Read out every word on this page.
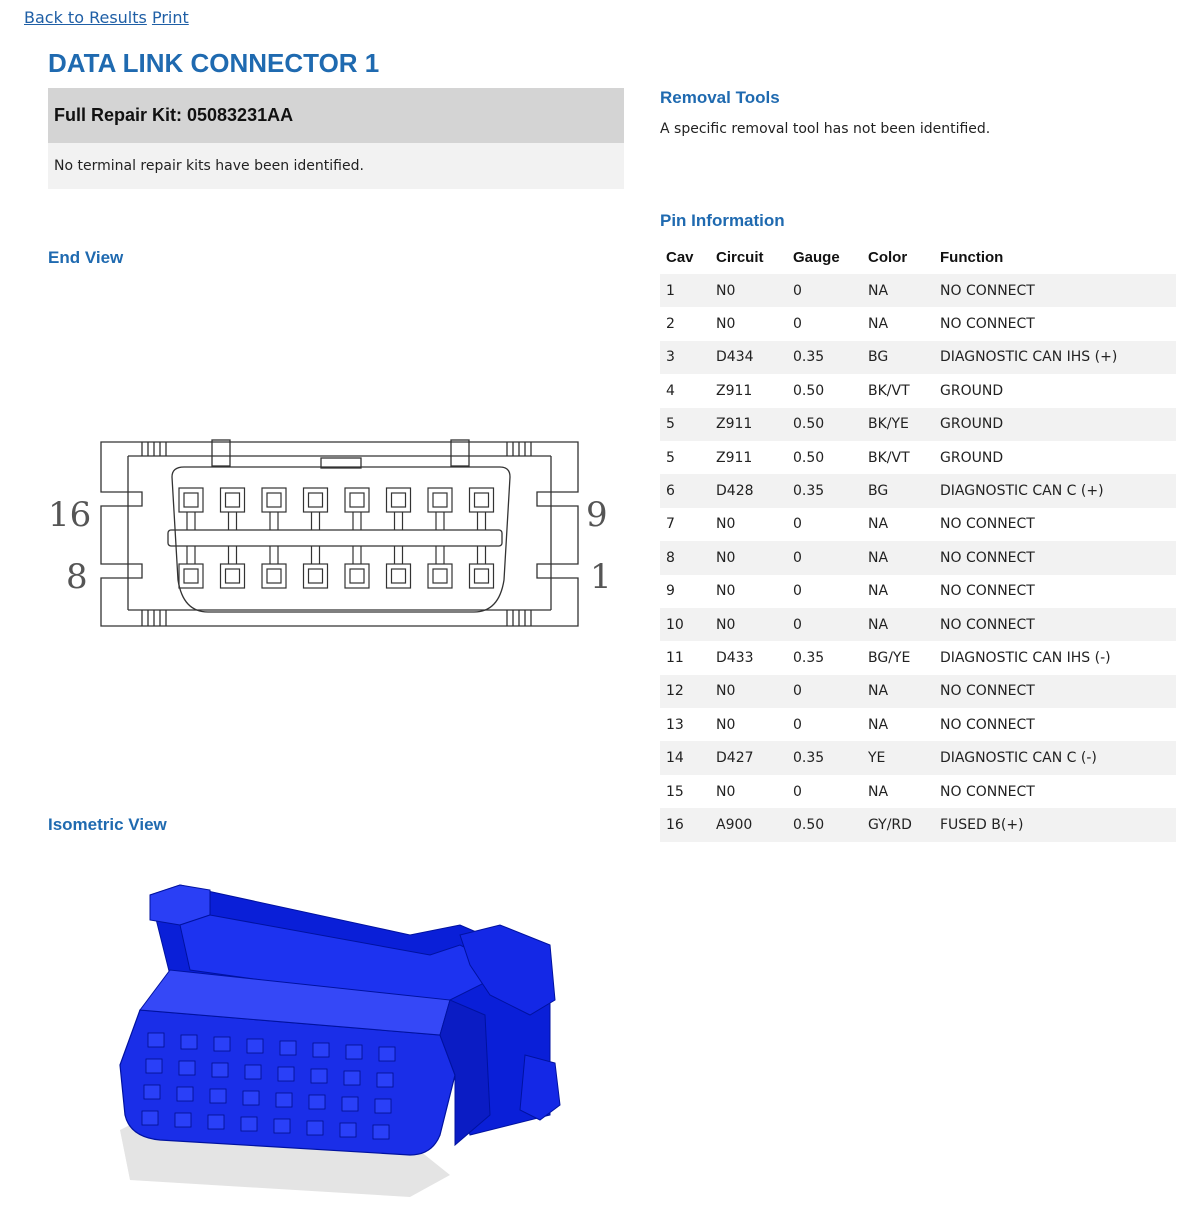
Back to Results Print
DATA LINK CONNECTOR 1
Full Repair Kit: 05083231AA
No terminal repair kits have been identified.
Removal Tools

A specific removal tool has not been identified.

Pin Information
Cav	Circuit	Gauge	Color	Function
1	N0	0	NA	NO CONNECT
2	N0	0	NA	NO CONNECT
3	D434	0.35	BG	DIAGNOSTIC CAN IHS (+)
4	Z911	0.50	BK/VT	GROUND
5	Z911	0.50	BK/YE	GROUND
5	Z911	0.50	BK/VT	GROUND
6	D428	0.35	BG	DIAGNOSTIC CAN C (+)
7	N0	0	NA	NO CONNECT
8	N0	0	NA	NO CONNECT
9	N0	0	NA	NO CONNECT
10	N0	0	NA	NO CONNECT
11	D433	0.35	BG/YE	DIAGNOSTIC CAN IHS (-)
12	N0	0	NA	NO CONNECT
13	N0	0	NA	NO CONNECT
14	D427	0.35	YE	DIAGNOSTIC CAN C (-)
15	N0	0	NA	NO CONNECT
16	A900	0.50	GY/RD	FUSED B(+)
End View
16
8
9
1
Isometric View
